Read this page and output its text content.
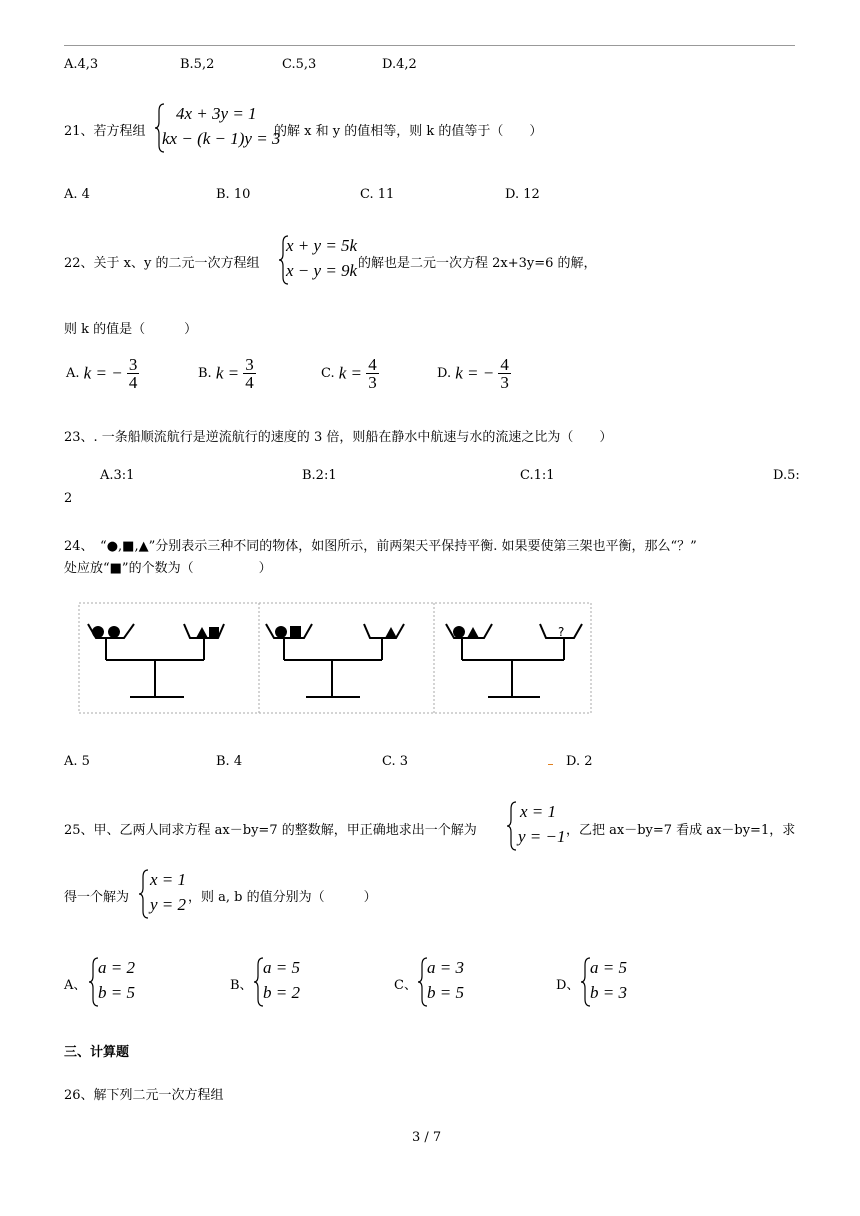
A.4,3	B.5,2	C.5,3	D.4,2
21、若方程组
4x + 3y = 1
kx − (k − 1)y = 3
的解 x 和 y 的值相等，则 k 的值等于（　　）
A. 4	B. 10	C. 11	D. 12
22、关于 x、y 的二元一次方程组
x + y = 5k
x − y = 9k 的解也是二元一次方程 2x+3y=6 的解，
则 k 的值是（　　　）
A. k = − $\frac{3}{4}$	B. $k = \frac{3}{4}$	C. $k = \frac{4}{3}$	D. k = − $\frac{4}{3}$
23、. 一条船顺流航行是逆流航行的速度的 3 倍，则船在静水中航速与水的流速之比为（　　）
A.3:1	B.2:1	C.1:1	D.5:
2
24、　“●,■,▲”分别表示三种不同的物体，如图所示，前两架天平保持平衡. 如果要使第三架也平衡，那么“？”
处应放“■”的个数为（　　　　　）
?
A. 5	B. 4	C. 3	D. 2
25、甲、乙两人同求方程 ax－by=7 的整数解，甲正确地求出一个解为
x = 1
y = −1 ，乙把 ax－by=7 看成 ax－by=1，求
得一个解为
x = 1
y = 2 ，则 a, b 的值分别为（　　　）
A、
a = 2
b = 5	B、
a = 5
b = 2	C、
a = 3
b = 5	D、
a = 5
b = 3
三、计算题
26、解下列二元一次方程组
3 / 7
